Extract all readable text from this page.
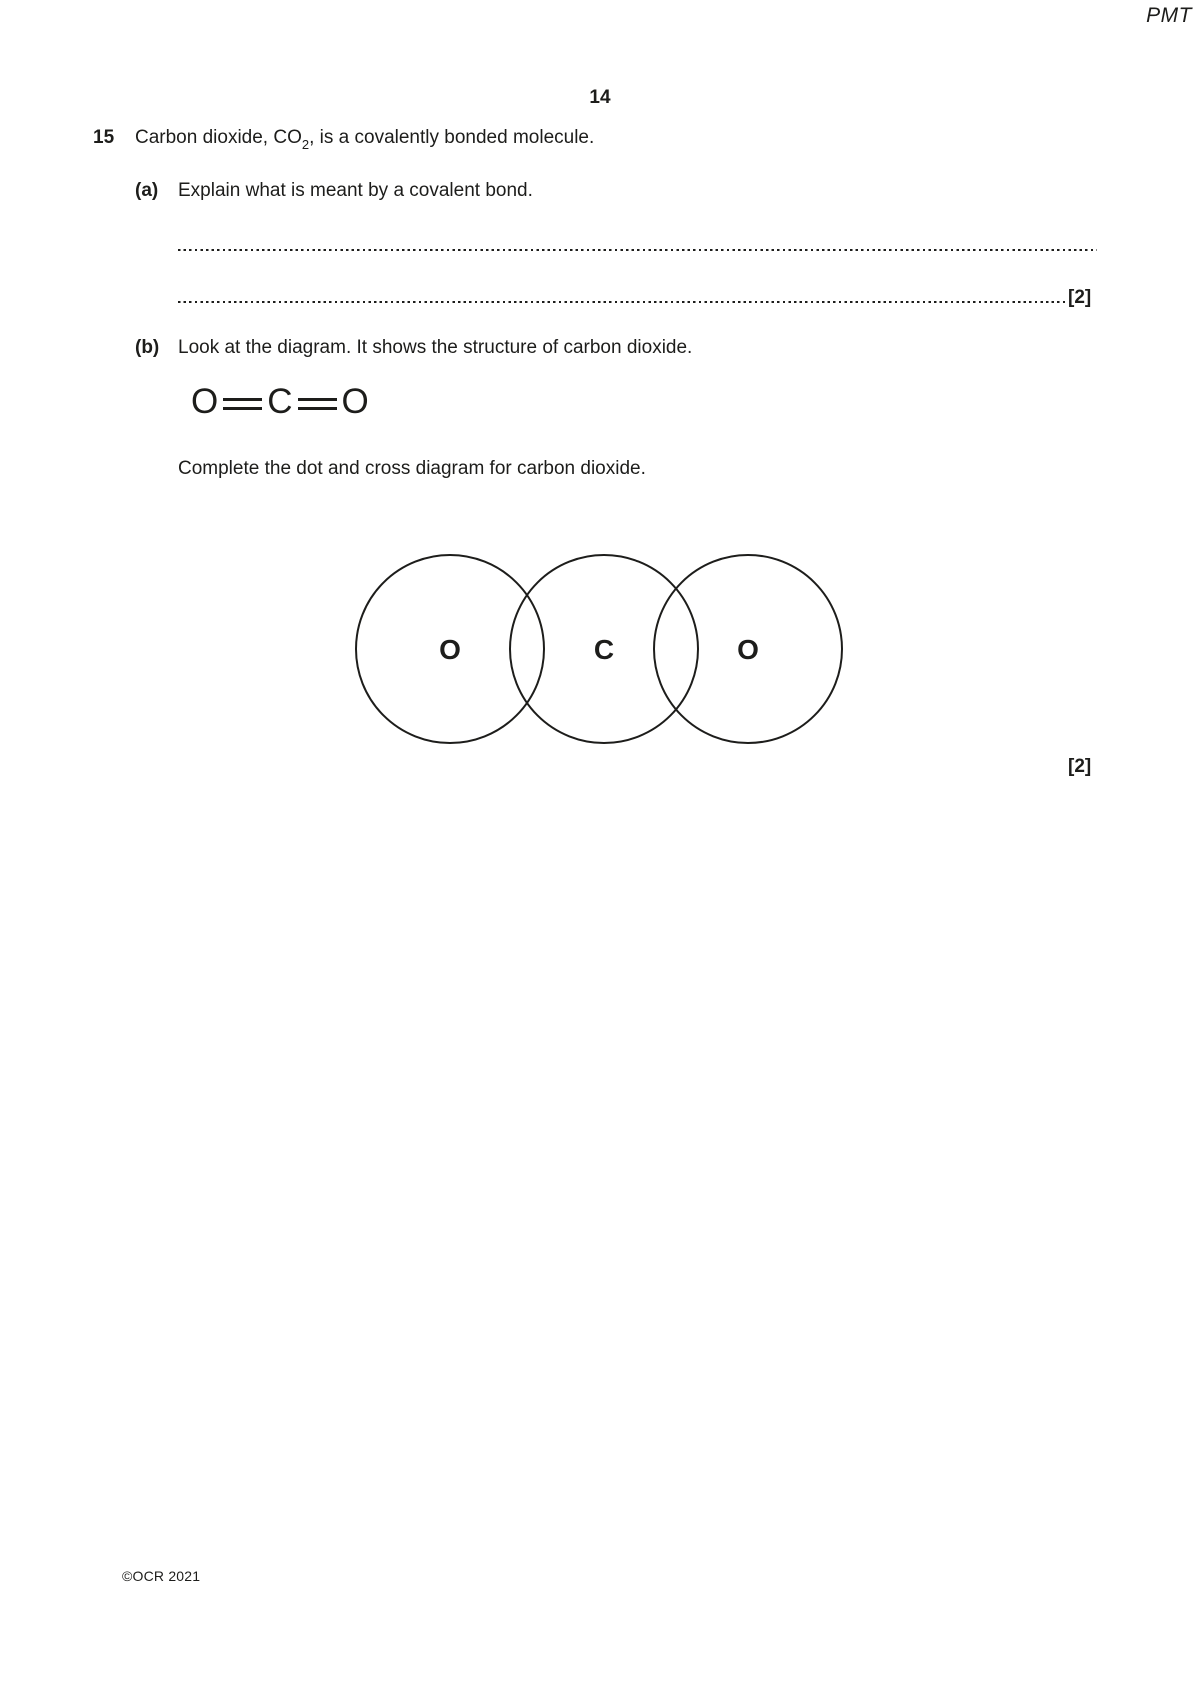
PMT
14
15	Carbon dioxide, $CO_2$, is a covalently bonded molecule.
(a)	Explain what is meant by a covalent bond.
[2]
(b) Look at the diagram. It shows the structure of carbon dioxide.
O C O
Complete the dot and cross diagram for carbon dioxide.
O	C	O
[2]
©OCR 2021
